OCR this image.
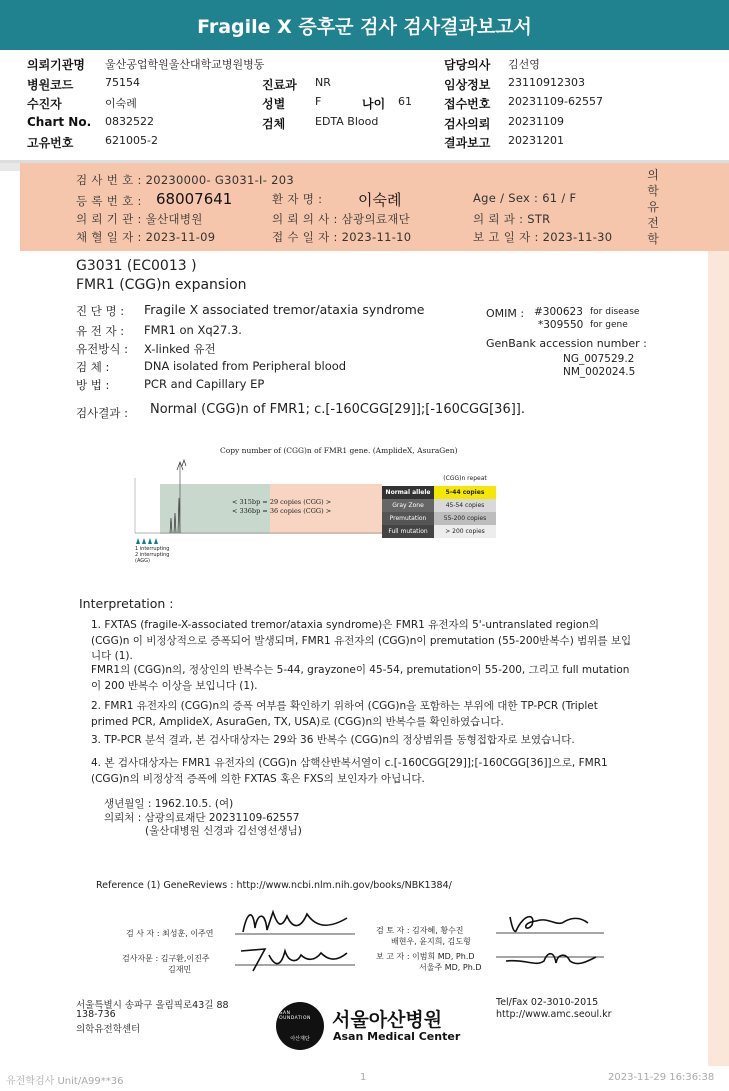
Fragile X 증후군 검사 검사결과보고서
의뢰기관명 울산공업학원울산대학교병원병동	담당의사 김선영
병원코드	75154	진료과 NR	임상정보 23110912303
수진자	이숙례	성별	F	나이 61	접수번호 20231109-62557
Chart No. 0832522	검체	EDTA Blood	검사의뢰 20231109
고유번호	621005-2	결과보고 20231201
검 사 번 호 : 20230000- G3031-I- 203
등 록 번 호 : 68007641	환 자 명 : 이숙례	Age / Sex : 61 / F
의 뢰 기 관 : 울산대병원	의 뢰 의 사 : 삼광의료재단	의 뢰 과 : STR
채 혈 일 자 : 2023-11-09	접 수 일 자 : 2023-11-10	보 고 일 자 : 2023-11-30
의학유전학
G3031 (EC0013 )
FMR1 (CGG)n expansion
진 단 명 : Fragile X associated tremor/ataxia syndrome
유 전 자 : FMR1 on Xq27.3.
유전방식 : X-linked 유전
검 체 :	DNA isolated from Peripheral blood
방 법 :	PCR and Capillary EP
OMIM : #300623 for disease
*309550 for gene
GenBank accession number :
NG_007529.2
NM_002024.5
검사결과 : Normal (CGG)n of FMR1; c.[-160CGG[29]];[-160CGG[36]].
Copy number of (CGG)n of FMR1 gene. (AmplideX, AsuraGen)
< 315bp = 29 copies (CGG) >
< 336bp = 36 copies (CGG) >
1 interrupting
2 interrupting
(AGG)
(CGG)n repeat
Normal allele	5-44 copies
Gray Zone	45-54 copies
Premutation	55-200 copies
Full mutation	> 200 copies
Interpretation :
1. FXTAS (fragile-X-associated tremor/ataxia syndrome)은 FMR1 유전자의 5'-untranslated region의 (CGG)n 이 비정상적으로 증폭되어 발생되며, FMR1 유전자의 (CGG)n이 premutation (55-200반복수) 범위를 보입니다 (1).
FMR1의 (CGG)n의, 정상인의 반복수는 5-44, grayzone이 45-54, premutation이 55-200, 그리고 full mutation이 200 반복수 이상을 보입니다 (1).
2. FMR1 유전자의 (CGG)n의 증폭 여부를 확인하기 위하여 (CGG)n을 포함하는 부위에 대한 TP-PCR (Triplet primed PCR, AmplideX, AsuraGen, TX, USA)로 (CGG)n의 반복수를 확인하였습니다.
3. TP-PCR 분석 결과, 본 검사대상자는 29와 36 반복수 (CGG)n의 정상범위를 동형접합자로 보였습니다.
4. 본 검사대상자는 FMR1 유전자의 (CGG)n 삼핵산반복서열이 c.[-160CGG[29]];[-160CGG[36]]으로, FMR1 (CGG)n의 비정상적 증폭에 의한 FXTAS 혹은 FXS의 보인자가 아닙니다.
생년월일 : 1962.10.5. (여)
의뢰처 : 삼광의료재단 20231109-62557
(울산대병원 신경과 김선영선생님)
Reference (1) GeneReviews : http://www.ncbi.nlm.nih.gov/books/NBK1384/
검 사 자 : 최성훈, 이주연
검사자문 : 김구환,이진주
김재민
검 토 자 : 김자혜, 황수진
배현우, 윤지희, 김도형
보 고 자 : 이범희 MD, Ph.D
서울주 MD, Ph.D
서울특별시 송파구 올림픽로43길 88
138-736
의학유전학센터
Tel/Fax 02-3010-2015
http://www.amc.seoul.kr
ASAN FOUNDATION
아산재단
서울아산병원
Asan Medical Center
유전학검사 Unit/A99**36	1	2023-11-29 16:36:38
